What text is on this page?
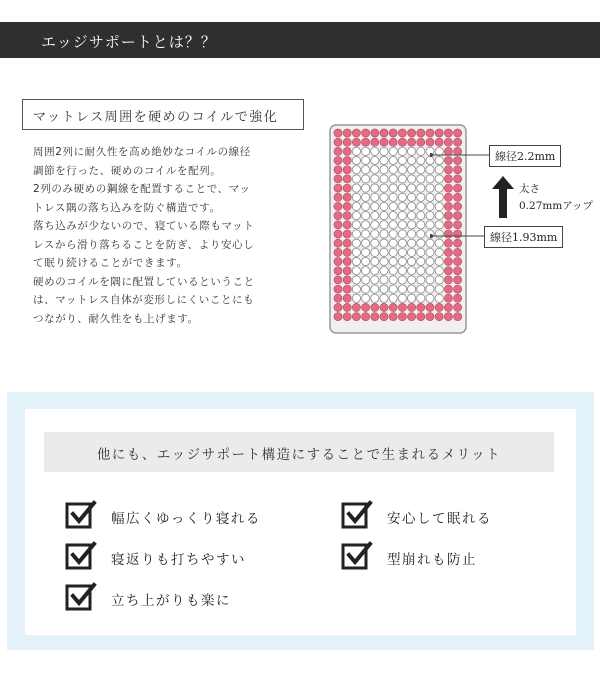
エッジサポートとは？？
マットレス周囲を硬めのコイルで強化

周囲2列に耐久性を高め絶妙なコイルの線径

調節を行った、硬めのコイルを配列。

2列のみ硬めの鋼線を配置することで、マッ

トレス隅の落ち込みを防ぐ構造です。

落ち込みが少ないので、寝ている際もマット

レスから滑り落ちることを防ぎ、より安心し

て眠り続けることができます。

硬めのコイルを隅に配置しているということ

は、マットレス自体が変形しにくいことにも

つながり、耐久性をも上げます。

線径2.2mm
線径1.93mm
太さ
0.27mmアップ
他にも、エッジサポート構造にすることで生まれるメリット
幅広くゆっくり寝れる	安心して眠れる
寝返りも打ちやすい	型崩れも防止
立ち上がりも楽に
